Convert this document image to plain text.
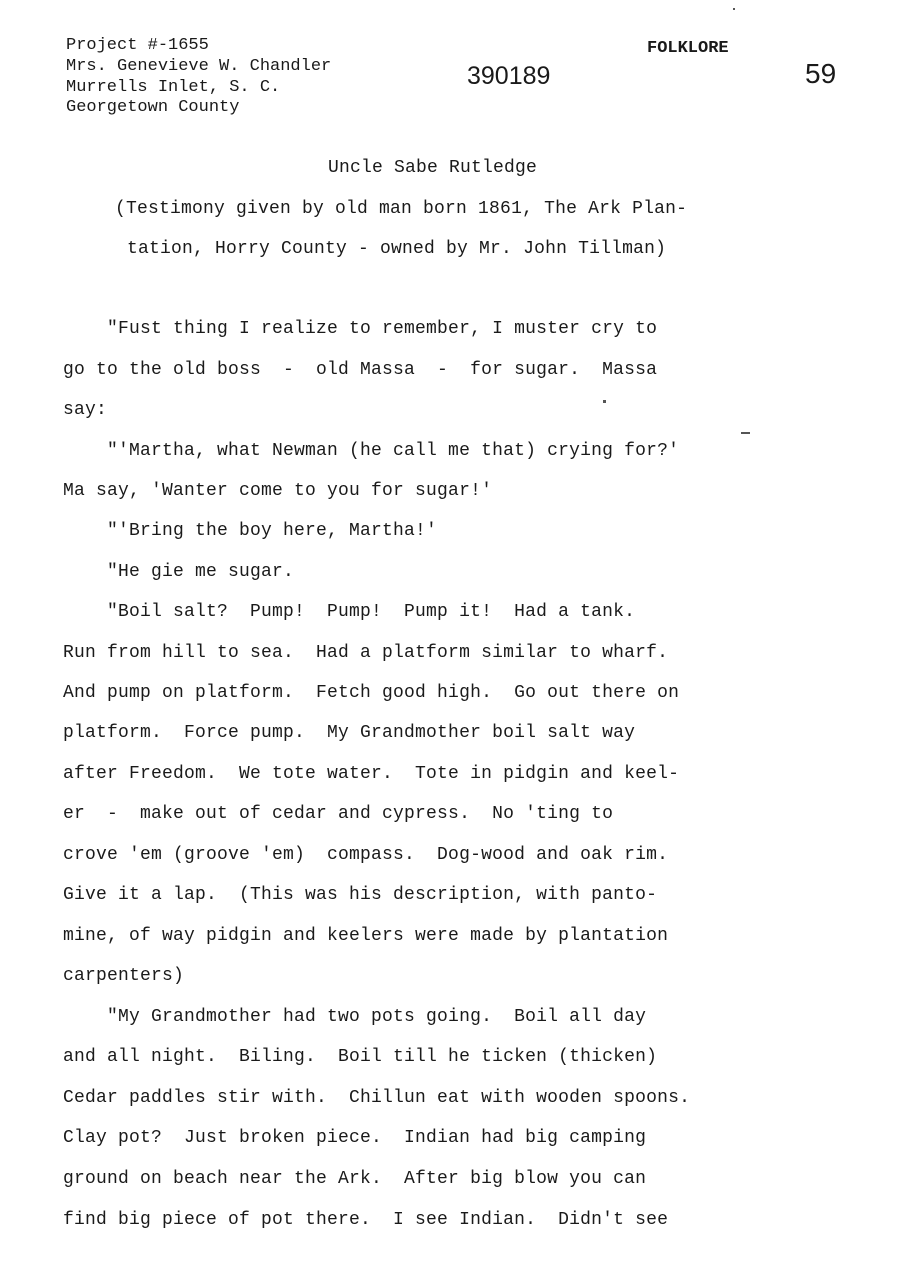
Project #-1655
Mrs. Genevieve W. Chandler
Murrells Inlet, S. C.
Georgetown County
390189
FOLKLORE
59
Uncle Sabe Rutledge
(Testimony given by old man born 1861, The Ark Plan-
tation, Horry County - owned by Mr. John Tillman)
"Fust thing I realize to remember, I muster cry to
go to the old boss  -  old Massa  -  for sugar.  Massa
say:
"'Martha, what Newman (he call me that) crying for?'
Ma say, 'Wanter come to you for sugar!'
"'Bring the boy here, Martha!'
"He gie me sugar.
"Boil salt?  Pump!  Pump!  Pump it!  Had a tank.
Run from hill to sea.  Had a platform similar to wharf.
And pump on platform.  Fetch good high.  Go out there on
platform.  Force pump.  My Grandmother boil salt way
after Freedom.  We tote water.  Tote in pidgin and keel-
er  -  make out of cedar and cypress.  No 'ting to
crove 'em (groove 'em)  compass.  Dog-wood and oak rim.
Give it a lap.  (This was his description, with panto-
mine, of way pidgin and keelers were made by plantation
carpenters)
"My Grandmother had two pots going.  Boil all day
and all night.  Biling.  Boil till he ticken (thicken)
Cedar paddles stir with.  Chillun eat with wooden spoons.
Clay pot?  Just broken piece.  Indian had big camping
ground on beach near the Ark.  After big blow you can
find big piece of pot there.  I see Indian.  Didn't see
